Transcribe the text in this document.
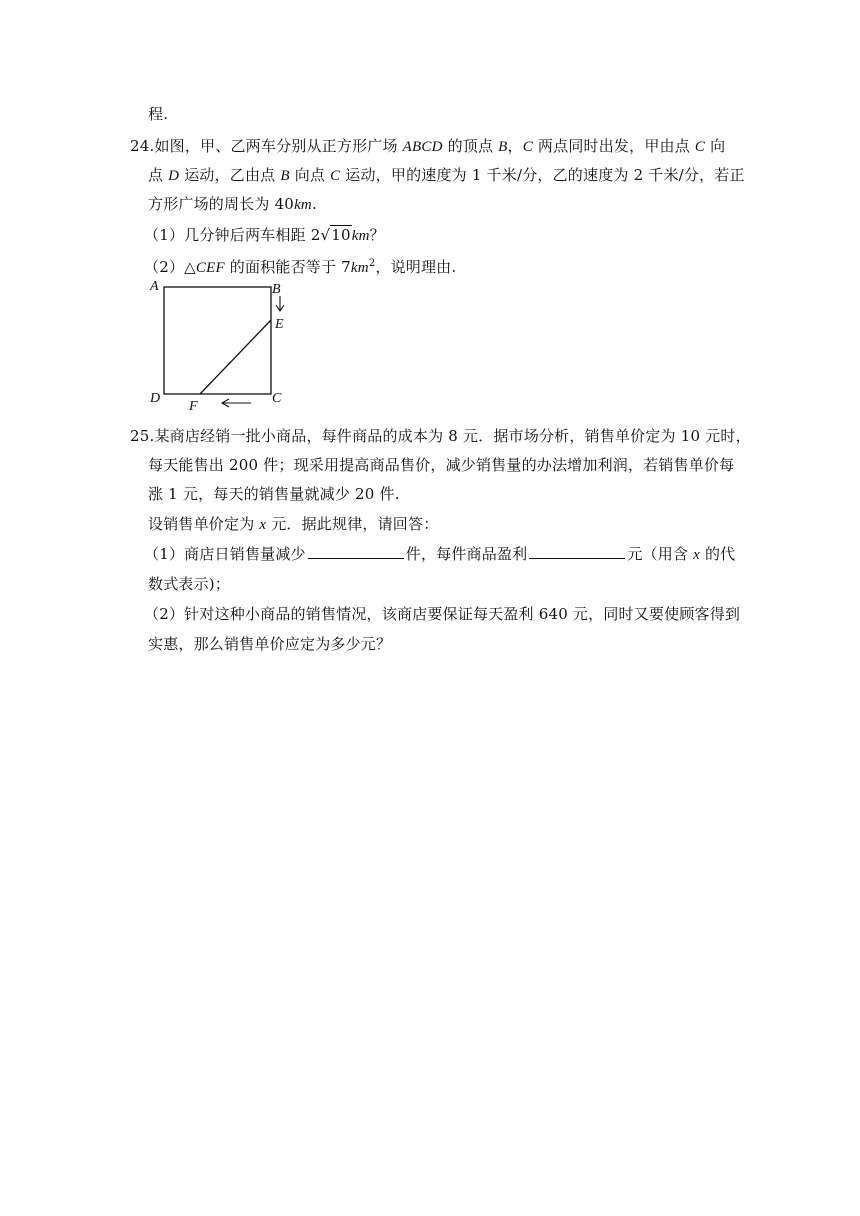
程.
24.如图，甲、乙两车分别从正方形广场 ABCD 的顶点 B，C 两点同时出发，甲由点 C 向
点 D 运动，乙由点 B 向点 C 运动，甲的速度为 1 千米/分，乙的速度为 2 千米/分，若正
方形广场的周长为 40km.
（1）几分钟后两车相距 2√10km？
（2）△CEF 的面积能否等于 $7km^2$，说明理由.
A	B
E
D
F
C
25.某商店经销一批小商品，每件商品的成本为 8 元．据市场分析，销售单价定为 10 元时，
每天能售出 200 件；现采用提高商品售价，减少销售量的办法增加利润，若销售单价每
涨 1 元，每天的销售量就减少 20 件.
设销售单价定为 x 元．据此规律，请回答：
（1）商店日销售量减少	件，每件商品盈利	元（用含 x 的代
数式表示)；
（2）针对这种小商品的销售情况，该商店要保证每天盈利 640 元，同时又要使顾客得到
实惠，那么销售单价应定为多少元？
